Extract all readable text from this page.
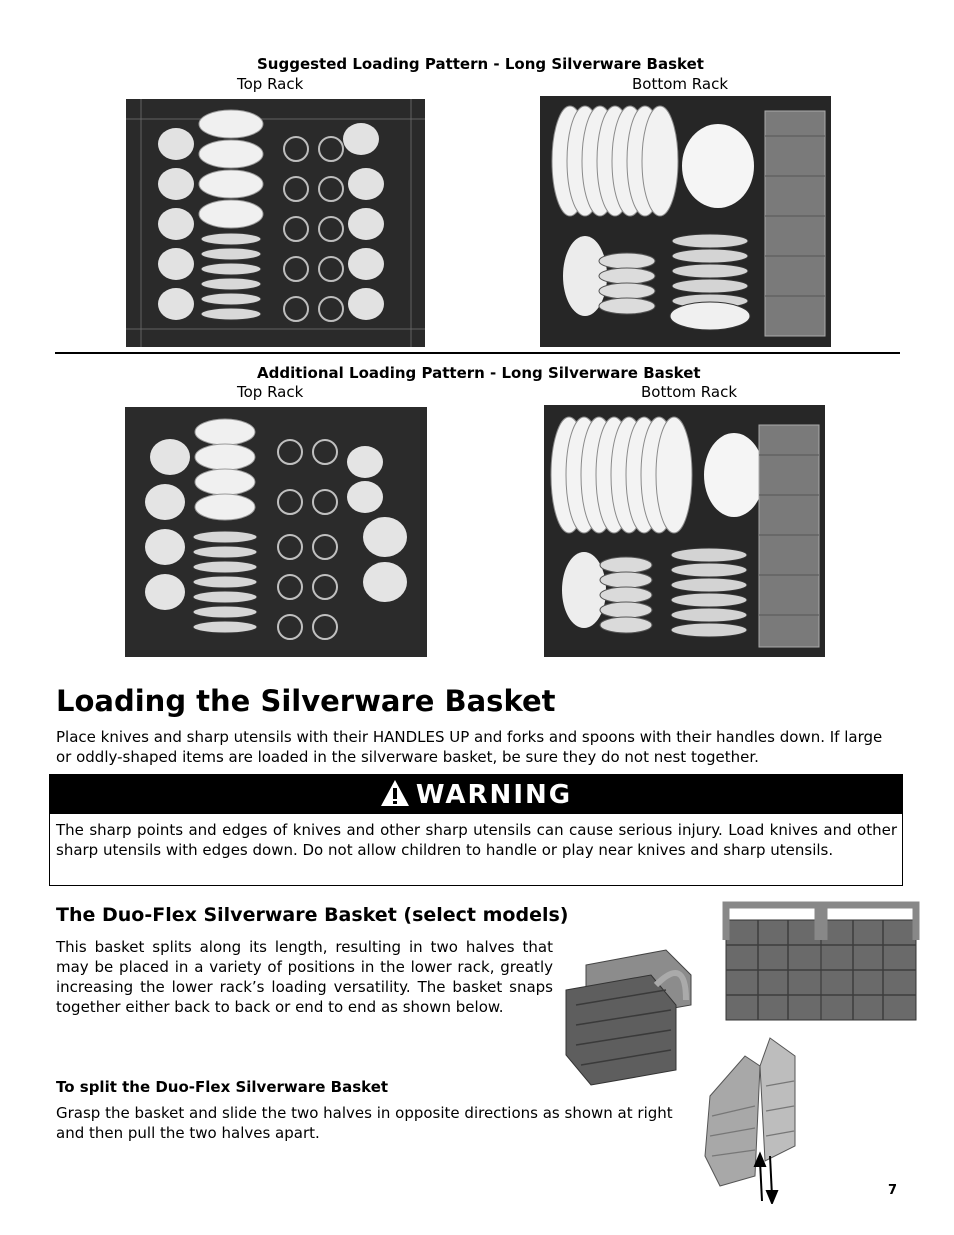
Suggested Loading Pattern - Long Silverware Basket
Top Rack	Bottom Rack
Additional Loading Pattern - Long Silverware Basket
Top Rack	Bottom Rack
Loading the Silverware Basket
Place knives and sharp utensils with their HANDLES UP and forks and spoons with their handles down. If large or oddly-shaped items are loaded in the silverware basket, be sure they do not nest together.
WARNING
The sharp points and edges of knives and other sharp utensils can cause serious injury. Load knives and other sharp utensils with edges down. Do not allow children to handle or play near knives and sharp utensils.
The Duo-Flex Silverware Basket (select models)
This basket splits along its length, resulting in two halves that may be placed in a variety of positions in the lower rack, greatly increasing the lower rack’s loading versatility. The basket snaps together either back to back or end to end as shown below.
To split the Duo-Flex Silverware Basket
Grasp the basket and slide the two halves in opposite directions as shown at right and then pull the two halves apart.
7
